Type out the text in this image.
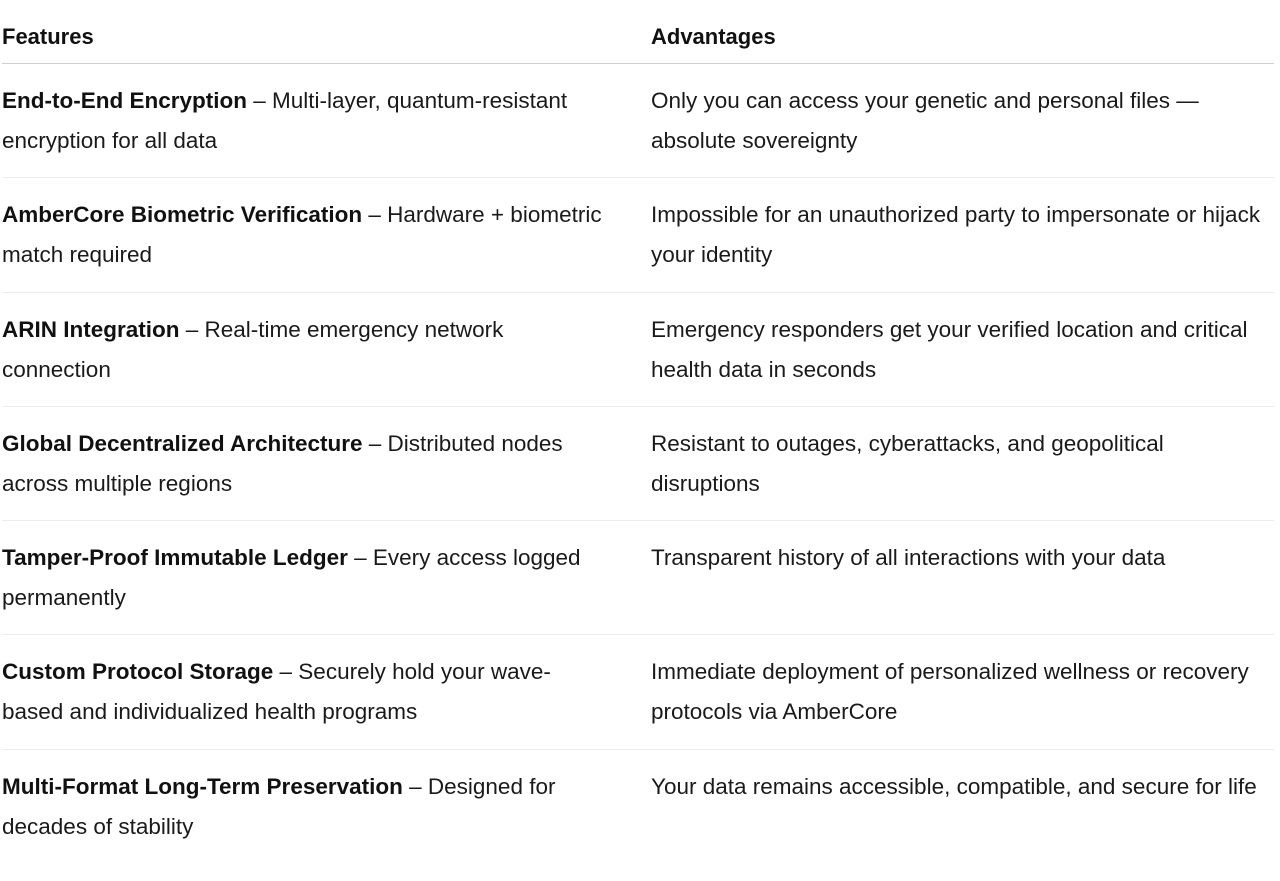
Features	Advantages
End-to-End Encryption – Multi-layer, quantum-resistant encryption for all data
Only you can access your genetic and personal files — absolute sovereignty
AmberCore Biometric Verification – Hardware + biometric match required
Impossible for an unauthorized party to impersonate or hijack your identity
ARIN Integration – Real-time emergency network connection
Emergency responders get your verified location and critical health data in seconds
Global Decentralized Architecture – Distributed nodes across multiple regions
Resistant to outages, cyberattacks, and geopolitical disruptions
Tamper-Proof Immutable Ledger – Every access logged permanently
Transparent history of all interactions with your data
Custom Protocol Storage – Securely hold your wave-based and individualized health programs
Immediate deployment of personalized wellness or recovery protocols via AmberCore
Multi-Format Long-Term Preservation – Designed for decades of stability
Your data remains accessible, compatible, and secure for life
